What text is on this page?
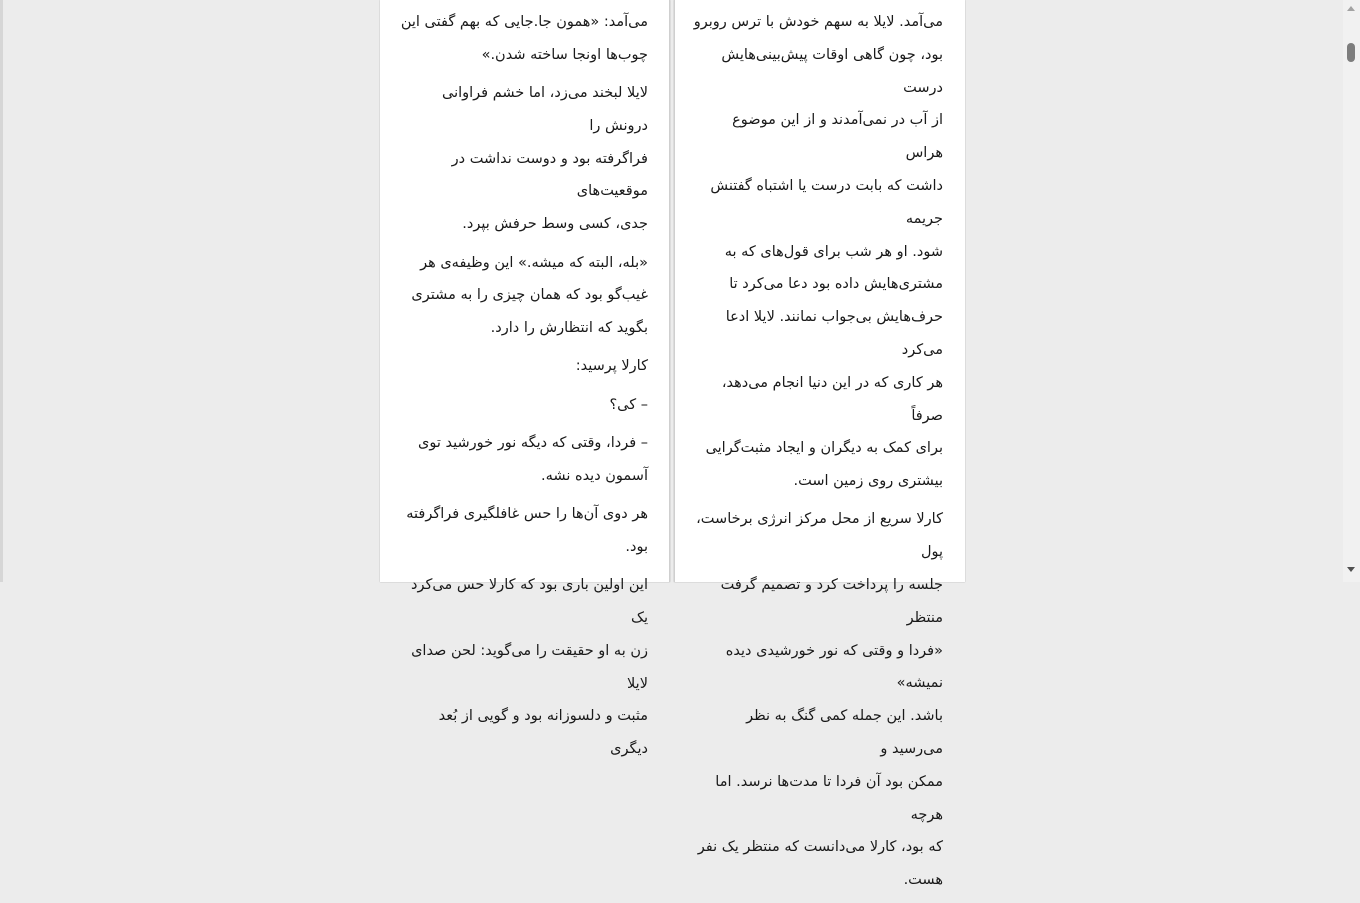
می‌آمد: «همون جا.جایی که بهم گفتی این
چوب‌ها اونجا ساخته شدن.»

لایلا لبخند می‌زد، اما خشم فراوانی درونش را
فراگرفته بود و دوست نداشت در موقعیت‌های
جدی، کسی وسط حرفش بپرد.

«بله، البته که میشه.» این وظیفه‌ی هر
غیب‌گو بود که همان چیزی را به مشتری
بگوید که انتظارش را دارد.

کارلا پرسید:

– کی؟

– فردا، وقتی که دیگه نور خورشید توی
آسمون دیده نشه.

هر دوی آن‌ها را حس غافلگیری فراگرفته بود.

این اولین باری بود که کارلا حس می‌کرد یک
زن به او حقیقت را می‌گوید: لحن صدای لایلا
مثبت و دلسوزانه بود و گویی از بُعد دیگری

می‌آمد. لایلا به سهم خودش با ترس روبرو
بود، چون گاهی اوقات پیش‌بینی‌هایش درست
از آب در نمی‌آمدند و از این موضوع هراس
داشت که بابت درست یا اشتباه گفتنش جریمه
شود. او هر شب برای قول‌های که به
مشتری‌هایش داده بود دعا می‌کرد تا
حرف‌هایش بی‌جواب نمانند. لایلا ادعا می‌کرد
هر کاری که در این دنیا انجام می‌دهد، صرفاً
برای کمک به دیگران و ایجاد مثبت‌گرایی
بیشتری روی زمین است.

کارلا سریع از محل مرکز انرژی برخاست، پول
جلسه را پرداخت کرد و تصمیم گرفت منتظر
«فردا و وقتی که نور خورشیدی دیده نمیشه»
باشد. این جمله کمی گنگ به نظر می‌رسید و
ممکن بود آن فردا تا مدت‌ها نرسد. اما هرچه
که بود، کارلا می‌دانست که منتظر یک نفر
هست.
